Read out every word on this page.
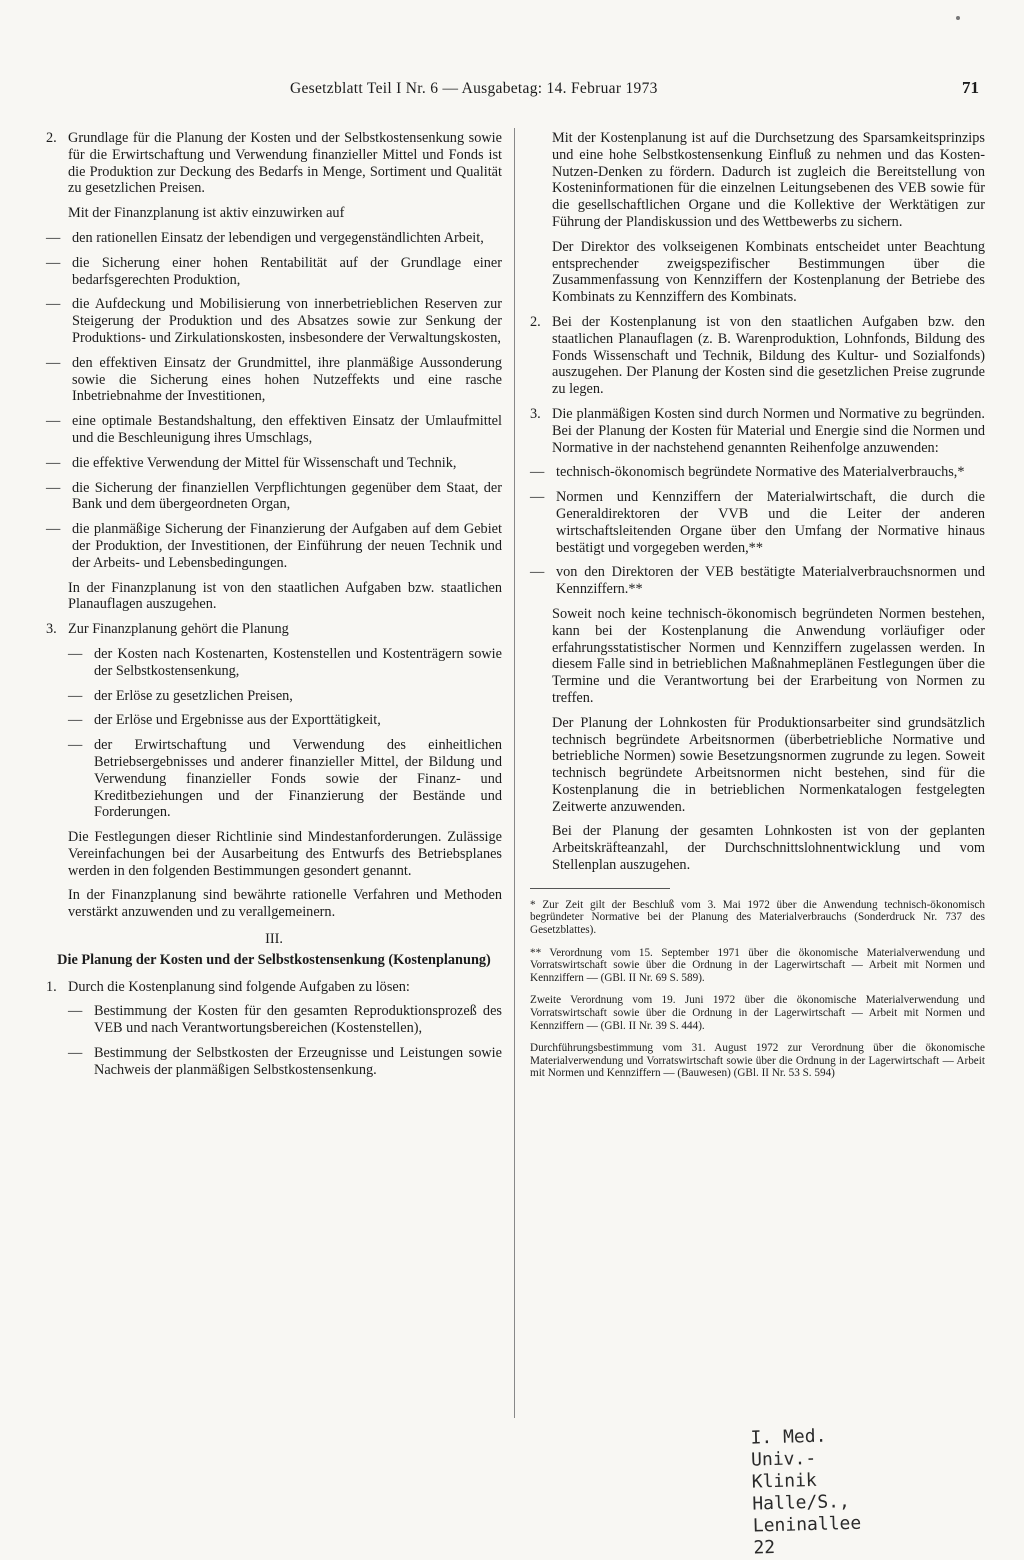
Gesetzblatt Teil I Nr. 6 — Ausgabetag: 14. Februar 1973	71
2. Grundlage für die Planung der Kosten und der Selbstkostensenkung sowie für die Erwirtschaftung und Verwendung finanzieller Mittel und Fonds ist die Produktion zur Deckung des Bedarfs in Menge, Sortiment und Qualität zu gesetzlichen Preisen.

Mit der Finanzplanung ist aktiv einzuwirken auf

— den rationellen Einsatz der lebendigen und vergegenständlichten Arbeit,
— die Sicherung einer hohen Rentabilität auf der Grundlage einer bedarfsgerechten Produktion,
— die Aufdeckung und Mobilisierung von innerbetrieblichen Reserven zur Steigerung der Produktion und des Absatzes sowie zur Senkung der Produktions- und Zirkulationskosten, insbesondere der Verwaltungskosten,
— den effektiven Einsatz der Grundmittel, ihre planmäßige Aussonderung sowie die Sicherung eines hohen Nutzeffekts und eine rasche Inbetriebnahme der Investitionen,
— eine optimale Bestandshaltung, den effektiven Einsatz der Umlaufmittel und die Beschleunigung ihres Umschlags,
— die effektive Verwendung der Mittel für Wissenschaft und Technik,
— die Sicherung der finanziellen Verpflichtungen gegenüber dem Staat, der Bank und dem übergeordneten Organ,
— die planmäßige Sicherung der Finanzierung der Aufgaben auf dem Gebiet der Produktion, der Investitionen, der Einführung der neuen Technik und der Arbeits- und Lebensbedingungen.

In der Finanzplanung ist von den staatlichen Aufgaben bzw. staatlichen Planauflagen auszugehen.

3. Zur Finanzplanung gehört die Planung

— der Kosten nach Kostenarten, Kostenstellen und Kostenträgern sowie der Selbstkostensenkung,
— der Erlöse zu gesetzlichen Preisen,
— der Erlöse und Ergebnisse aus der Exporttätigkeit,
— der Erwirtschaftung und Verwendung des einheitlichen Betriebsergebnisses und anderer finanzieller Mittel, der Bildung und Verwendung finanzieller Fonds sowie der Finanz- und Kreditbeziehungen und der Finanzierung der Bestände und Forderungen.

Die Festlegungen dieser Richtlinie sind Mindestanforderungen. Zulässige Vereinfachungen bei der Ausarbeitung des Entwurfs des Betriebsplanes werden in den folgenden Bestimmungen gesondert genannt.

In der Finanzplanung sind bewährte rationelle Verfahren und Methoden verstärkt anzuwenden und zu verallgemeinern.

III.
Die Planung der Kosten und der Selbstkostensenkung (Kostenplanung)
1. Durch die Kostenplanung sind folgende Aufgaben zu lösen:

— Bestimmung der Kosten für den gesamten Reproduktionsprozeß des VEB und nach Verantwortungsbereichen (Kostenstellen),
— Bestimmung der Selbstkosten der Erzeugnisse und Leistungen sowie Nachweis der planmäßigen Selbstkostensenkung.

Mit der Kostenplanung ist auf die Durchsetzung des Sparsamkeitsprinzips und eine hohe Selbstkostensenkung Einfluß zu nehmen und das Kosten-Nutzen-Denken zu fördern. Dadurch ist zugleich die Bereitstellung von Kosteninformationen für die einzelnen Leitungsebenen des VEB sowie für die gesellschaftlichen Organe und die Kollektive der Werktätigen zur Führung der Plandiskussion und des Wettbewerbs zu sichern.

Der Direktor des volkseigenen Kombinats entscheidet unter Beachtung entsprechender zweigspezifischer Bestimmungen über die Zusammenfassung von Kennziffern der Kostenplanung der Betriebe des Kombinats zu Kennziffern des Kombinats.

2. Bei der Kostenplanung ist von den staatlichen Aufgaben bzw. den staatlichen Planauflagen (z. B. Warenproduktion, Lohnfonds, Bildung des Fonds Wissenschaft und Technik, Bildung des Kultur- und Sozialfonds) auszugehen. Der Planung der Kosten sind die gesetzlichen Preise zugrunde zu legen.

3. Die planmäßigen Kosten sind durch Normen und Normative zu begründen. Bei der Planung der Kosten für Material und Energie sind die Normen und Normative in der nachstehend genannten Reihenfolge anzuwenden:

— technisch-ökonomisch begründete Normative des Materialverbrauchs,*
— Normen und Kennziffern der Materialwirtschaft, die durch die Generaldirektoren der VVB und die Leiter der anderen wirtschaftsleitenden Organe über den Umfang der Normative hinaus bestätigt und vorgegeben werden,**
— von den Direktoren der VEB bestätigte Materialverbrauchsnormen und Kennziffern.**

Soweit noch keine technisch-ökonomisch begründeten Normen bestehen, kann bei der Kostenplanung die Anwendung vorläufiger oder erfahrungsstatistischer Normen und Kennziffern zugelassen werden. In diesem Falle sind in betrieblichen Maßnahmeplänen Festlegungen über die Termine und die Verantwortung bei der Erarbeitung von Normen zu treffen.

Der Planung der Lohnkosten für Produktionsarbeiter sind grundsätzlich technisch begründete Arbeitsnormen (überbetriebliche Normative und betriebliche Normen) sowie Besetzungsnormen zugrunde zu legen. Soweit technisch begründete Arbeitsnormen nicht bestehen, sind für die Kostenplanung die in betrieblichen Normenkatalogen festgelegten Zeitwerte anzuwenden.

Bei der Planung der gesamten Lohnkosten ist von der geplanten Arbeitskräfteanzahl, der Durchschnittslohnentwicklung und vom Stellenplan auszugehen.

* Zur Zeit gilt der Beschluß vom 3. Mai 1972 über die Anwendung technisch-ökonomisch begründeter Normative bei der Planung des Materialverbrauchs (Sonderdruck Nr. 737 des Gesetzblattes).

** Verordnung vom 15. September 1971 über die ökonomische Materialverwendung und Vorratswirtschaft sowie über die Ordnung in der Lagerwirtschaft — Arbeit mit Normen und Kennziffern — (GBl. II Nr. 69 S. 589).

Zweite Verordnung vom 19. Juni 1972 über die ökonomische Materialverwendung und Vorratswirtschaft sowie über die Ordnung in der Lagerwirtschaft — Arbeit mit Normen und Kennziffern — (GBl. II Nr. 39 S. 444).

Durchführungsbestimmung vom 31. August 1972 zur Verordnung über die ökonomische Materialverwendung und Vorratswirtschaft sowie über die Ordnung in der Lagerwirtschaft — Arbeit mit Normen und Kennziffern — (Bauwesen) (GBl. II Nr. 53 S. 594)

I. Med. Univ.-Klinik
Halle/S., Leninallee 22
